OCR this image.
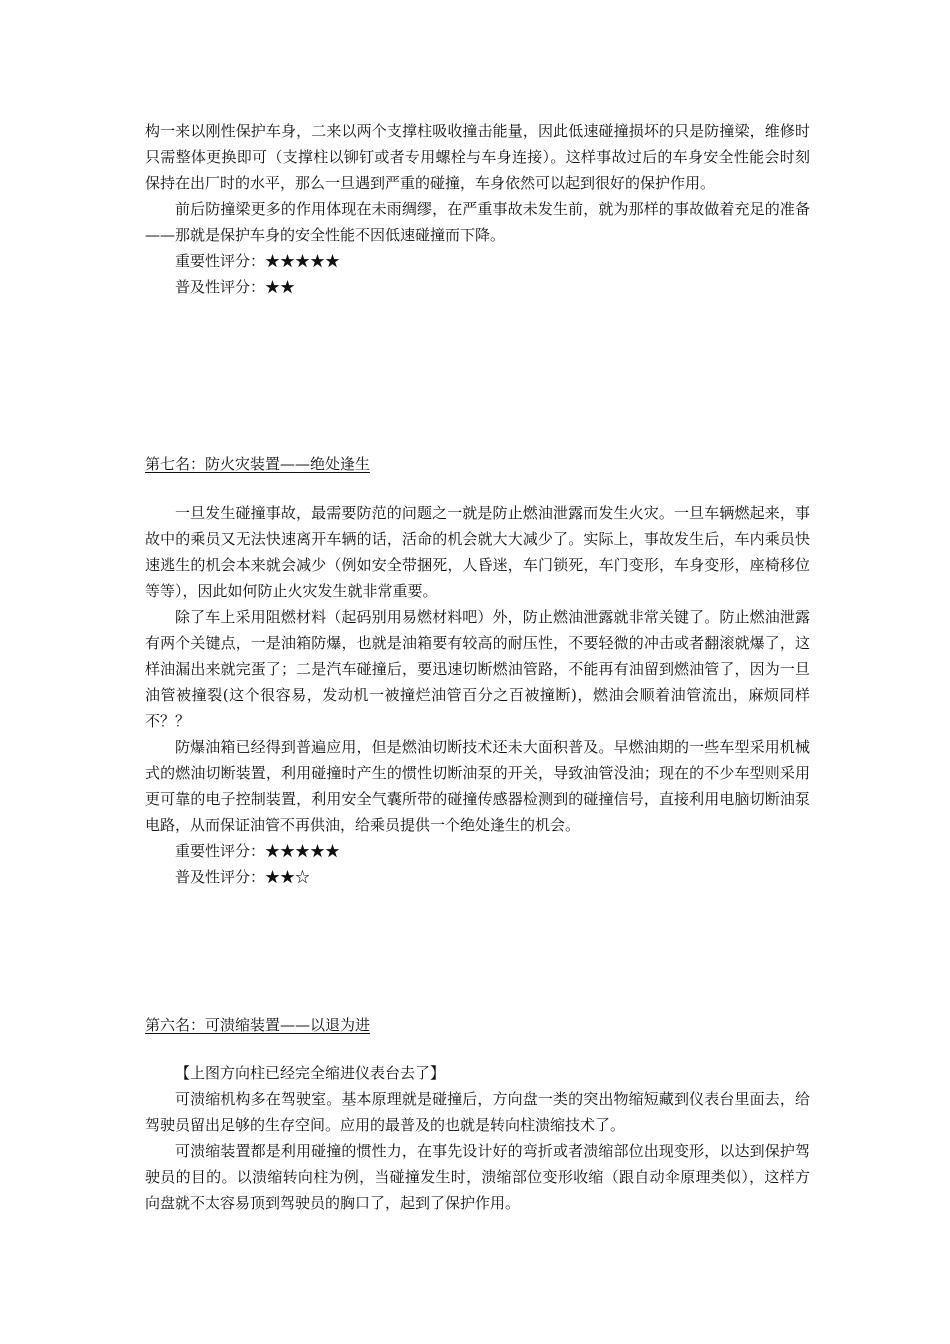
构一来以刚性保护车身，二来以两个支撑柱吸收撞击能量，因此低速碰撞损坏的只是防撞梁，维修时只需整体更换即可（支撑柱以铆钉或者专用螺栓与车身连接）。这样事故过后的车身安全性能会时刻保持在出厂时的水平，那么一旦遇到严重的碰撞，车身依然可以起到很好的保护作用。

前后防撞梁更多的作用体现在未雨绸缪，在严重事故未发生前，就为那样的事故做着充足的准备——那就是保护车身的安全性能不因低速碰撞而下降。

重要性评分：★★★★★

普及性评分：★★

第七名：防火灾装置——绝处逢生

一旦发生碰撞事故，最需要防范的问题之一就是防止燃油泄露而发生火灾。一旦车辆燃起来，事故中的乘员又无法快速离开车辆的话，活命的机会就大大减少了。实际上，事故发生后，车内乘员快速逃生的机会本来就会减少（例如安全带捆死，人昏迷，车门锁死，车门变形，车身变形，座椅移位等等），因此如何防止火灾发生就非常重要。

除了车上采用阻燃材料（起码别用易燃材料吧）外，防止燃油泄露就非常关键了。防止燃油泄露有两个关键点，一是油箱防爆，也就是油箱要有较高的耐压性，不要轻微的冲击或者翻滚就爆了，这样油漏出来就完蛋了；二是汽车碰撞后，要迅速切断燃油管路，不能再有油留到燃油管了，因为一旦油管被撞裂(这个很容易，发动机一被撞烂油管百分之百被撞断)，燃油会顺着油管流出，麻烦同样不？？

防爆油箱已经得到普遍应用，但是燃油切断技术还未大面积普及。早燃油期的一些车型采用机械式的燃油切断装置，利用碰撞时产生的惯性切断油泵的开关，导致油管没油；现在的不少车型则采用更可靠的电子控制装置，利用安全气囊所带的碰撞传感器检测到的碰撞信号，直接利用电脑切断油泵电路，从而保证油管不再供油，给乘员提供一个绝处逢生的机会。

重要性评分：★★★★★

普及性评分：★★☆

第六名：可溃缩装置——以退为进

【上图方向柱已经完全缩进仪表台去了】

可溃缩机构多在驾驶室。基本原理就是碰撞后，方向盘一类的突出物缩短藏到仪表台里面去，给驾驶员留出足够的生存空间。应用的最普及的也就是转向柱溃缩技术了。

可溃缩装置都是利用碰撞的惯性力，在事先设计好的弯折或者溃缩部位出现变形，以达到保护驾驶员的目的。以溃缩转向柱为例，当碰撞发生时，溃缩部位变形收缩（跟自动伞原理类似），这样方向盘就不太容易顶到驾驶员的胸口了，起到了保护作用。
